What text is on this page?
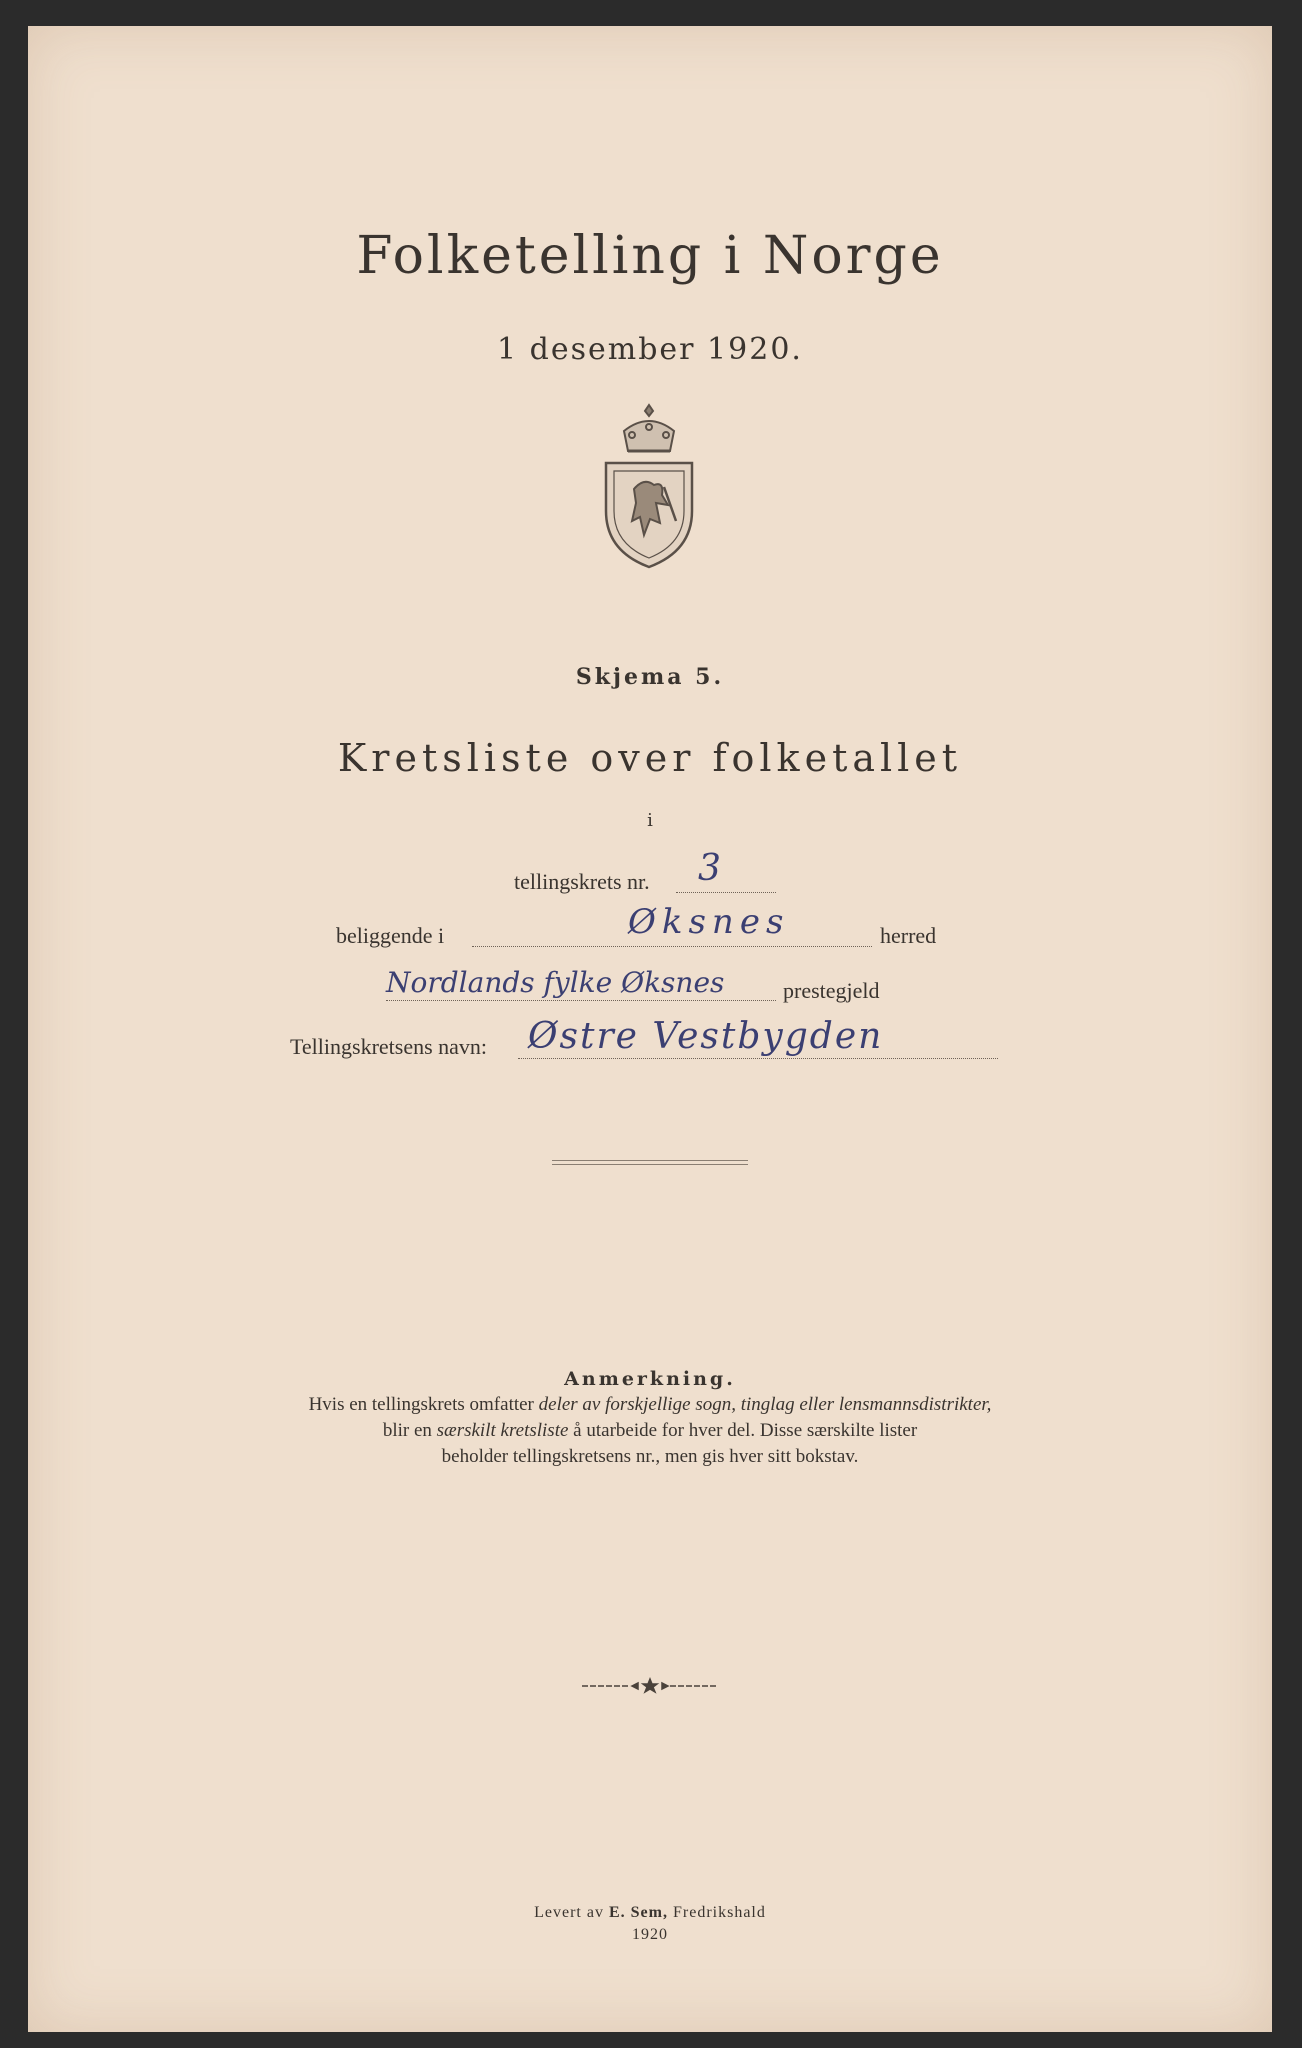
Folketelling i Norge
1 desember 1920.
Skjema 5.
Kretsliste over folketallet
i
tellingskrets nr. 3
beliggende i	Øksnes	herred
Nordlands fylke Øksnes	prestegjeld
Tellingskretsens navn: Østre Vestbygden
Anmerkning.
Hvis en tellingskrets omfatter deler av forskjellige sogn, tinglag eller lensmannsdistrikter,
blir en særskilt kretsliste å utarbeide for hver del. Disse særskilte lister
beholder tellingskretsens nr., men gis hver sitt bokstav.
Levert av E. Sem, Fredrikshald
1920
